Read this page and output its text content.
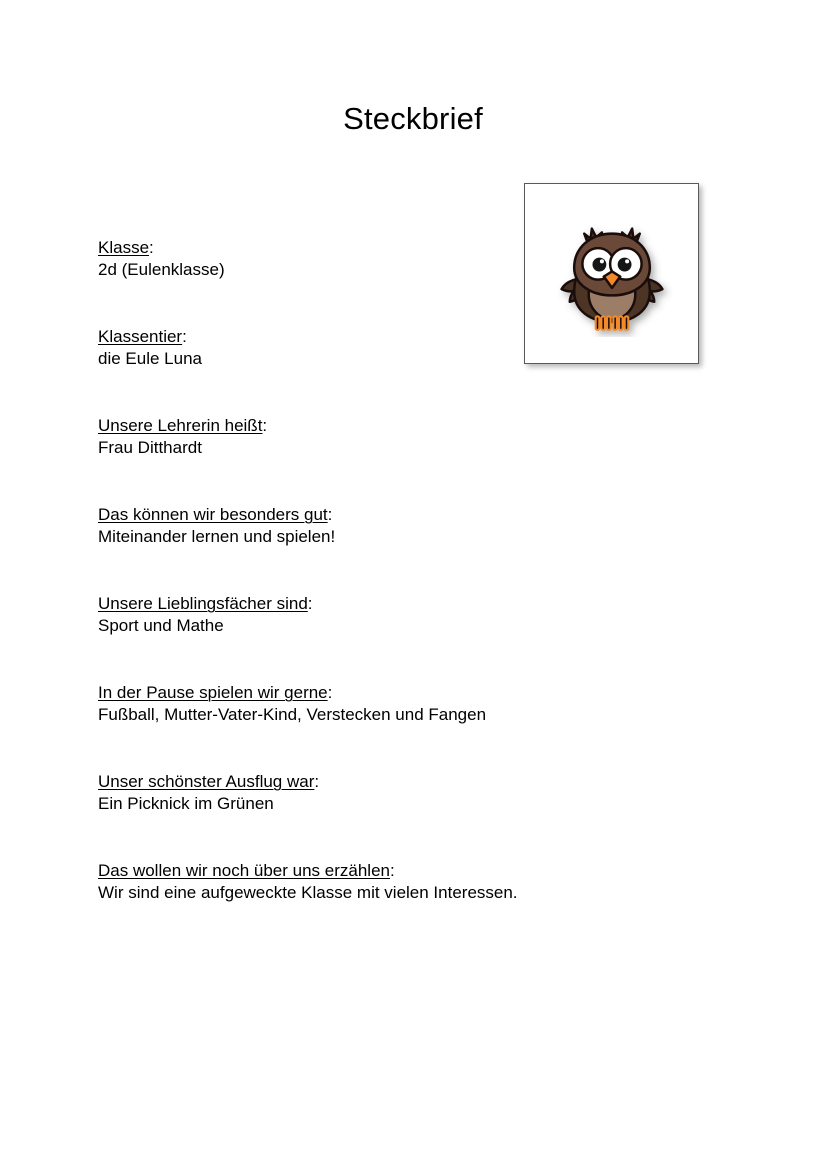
Steckbrief
Klasse:
2d (Eulenklasse)
Klassentier:
die Eule Luna
Unsere Lehrerin heißt:
Frau Ditthardt
Das können wir besonders gut:
Miteinander lernen und spielen!
Unsere Lieblingsfächer sind:
Sport und Mathe
In der Pause spielen wir gerne:
Fußball, Mutter-Vater-Kind, Verstecken und Fangen
Unser schönster Ausflug war:
Ein Picknick im Grünen
Das wollen wir noch über uns erzählen:
Wir sind eine aufgeweckte Klasse mit vielen Interessen.
